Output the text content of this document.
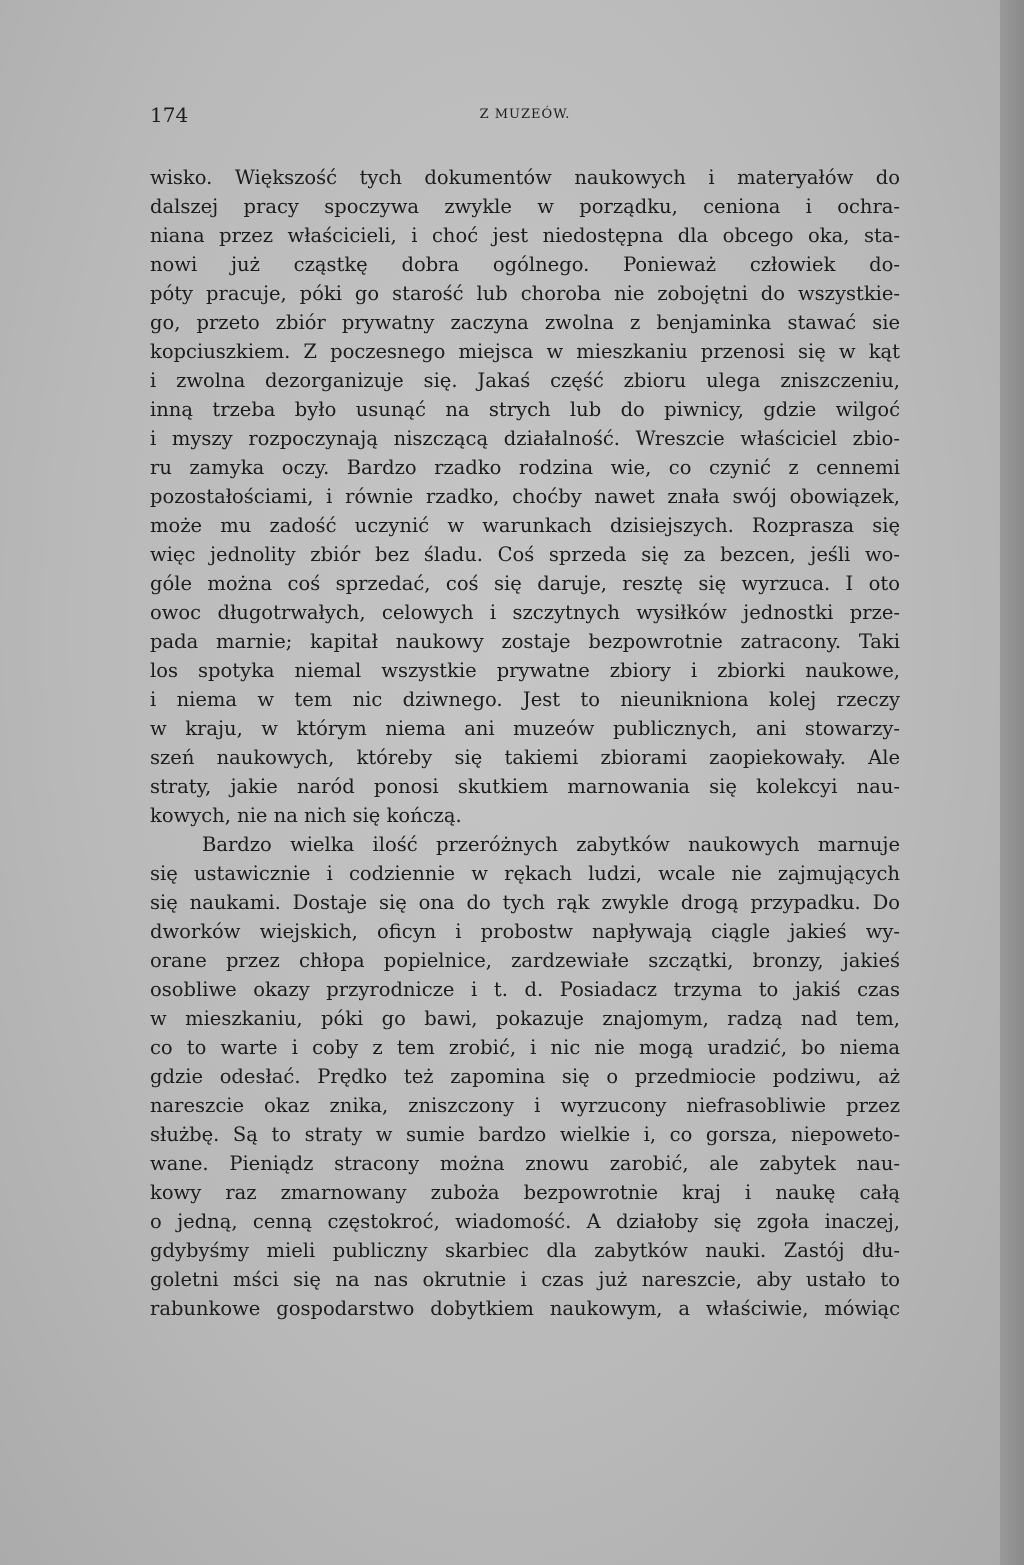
174	Z MUZEÓW.
wisko. Większość tych dokumentów naukowych i materyałów do
dalszej pracy spoczywa zwykle w porządku, ceniona i ochra-
niana przez właścicieli, i choć jest niedostępna dla obcego oka, sta-
nowi już cząstkę dobra ogólnego. Ponieważ człowiek do-
póty pracuje, póki go starość lub choroba nie zobojętni do wszystkie-
go, przeto zbiór prywatny zaczyna zwolna z benjaminka stawać sie
kopciuszkiem. Z poczesnego miejsca w mieszkaniu przenosi się w kąt
i zwolna dezorganizuje się. Jakaś część zbioru ulega zniszczeniu,
inną trzeba było usunąć na strych lub do piwnicy, gdzie wilgoć
i myszy rozpoczynają niszczącą działalność. Wreszcie właściciel zbio-
ru zamyka oczy. Bardzo rzadko rodzina wie, co czynić z cennemi
pozostałościami, i równie rzadko, choćby nawet znała swój obowiązek,
może mu zadość uczynić w warunkach dzisiejszych. Rozprasza się
więc jednolity zbiór bez śladu. Coś sprzeda się za bezcen, jeśli wo-
góle można coś sprzedać, coś się daruje, resztę się wyrzuca. I oto
owoc długotrwałych, celowych i szczytnych wysiłków jednostki prze-
pada marnie; kapitał naukowy zostaje bezpowrotnie zatracony. Taki
los spotyka niemal wszystkie prywatne zbiory i zbiorki naukowe,
i niema w tem nic dziwnego. Jest to nieunikniona kolej rzeczy
w kraju, w którym niema ani muzeów publicznych, ani stowarzy-
szeń naukowych, któreby się takiemi zbiorami zaopiekowały. Ale
straty, jakie naród ponosi skutkiem marnowania się kolekcyi nau-
kowych, nie na nich się kończą.
Bardzo wielka ilość przeróżnych zabytków naukowych marnuje
się ustawicznie i codziennie w rękach ludzi, wcale nie zajmujących
się naukami. Dostaje się ona do tych rąk zwykle drogą przypadku. Do
dworków wiejskich, oficyn i probostw napływają ciągle jakieś wy-
orane przez chłopa popielnice, zardzewiałe szczątki, bronzy, jakieś
osobliwe okazy przyrodnicze i t. d. Posiadacz trzyma to jakiś czas
w mieszkaniu, póki go bawi, pokazuje znajomym, radzą nad tem,
co to warte i coby z tem zrobić, i nic nie mogą uradzić, bo niema
gdzie odesłać. Prędko też zapomina się o przedmiocie podziwu, aż
nareszcie okaz znika, zniszczony i wyrzucony niefrasobliwie przez
służbę. Są to straty w sumie bardzo wielkie i, co gorsza, niepoweto-
wane. Pieniądz stracony można znowu zarobić, ale zabytek nau-
kowy raz zmarnowany zuboża bezpowrotnie kraj i naukę całą
o jedną, cenną częstokroć, wiadomość. A działoby się zgoła inaczej,
gdybyśmy mieli publiczny skarbiec dla zabytków nauki. Zastój dłu-
goletni mści się na nas okrutnie i czas już nareszcie, aby ustało to
rabunkowe gospodarstwo dobytkiem naukowym, a właściwie, mówiąc
